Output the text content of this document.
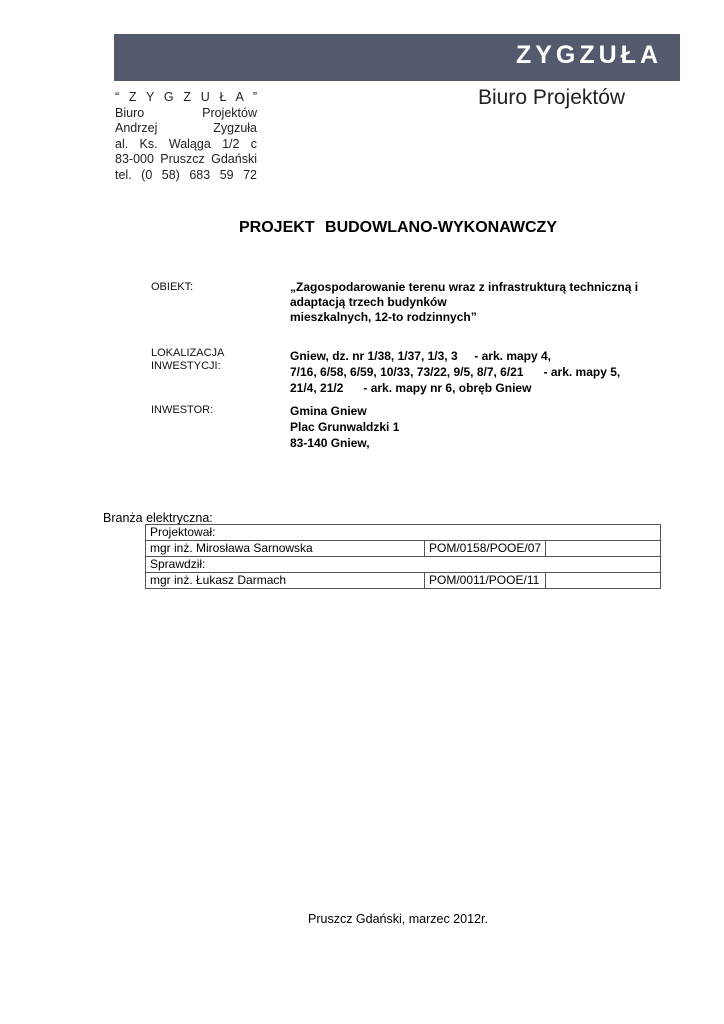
ZYGZUŁA
Biuro Projektów
“ Z Y G Z U Ł A ”
Biuro Projektów
Andrzej Zygzuła
al. Ks. Waląga 1/2 c
83-000 Pruszcz Gdański
tel. (0 58) 683 59 72
PROJEKT BUDOWLANO-WYKONAWCZY
OBIEKT:	„Zagospodarowanie terenu wraz z infrastrukturą techniczną i
adaptacją trzech budynków
mieszkalnych, 12-to rodzinnych”
LOKALIZACJA
INWESTYCJI:
Gniew, dz. nr 1/38, 1/37, 1/3, 3     - ark. mapy 4,
7/16, 6/58, 6/59, 10/33, 73/22, 9/5, 8/7, 6/21      - ark. mapy 5,
21/4, 21/2      - ark. mapy nr 6, obręb Gniew
INWESTOR:	Gmina Gniew
Plac Grunwaldzki 1
83-140 Gniew,
Branża elektryczna:
Projektował:		
mgr inż. Mirosława Sarnowska	POM/0158/POOE/07	
Sprawdził:		
mgr inż. Łukasz Darmach	POM/0011/POOE/11	
Pruszcz Gdański, marzec 2012r.
